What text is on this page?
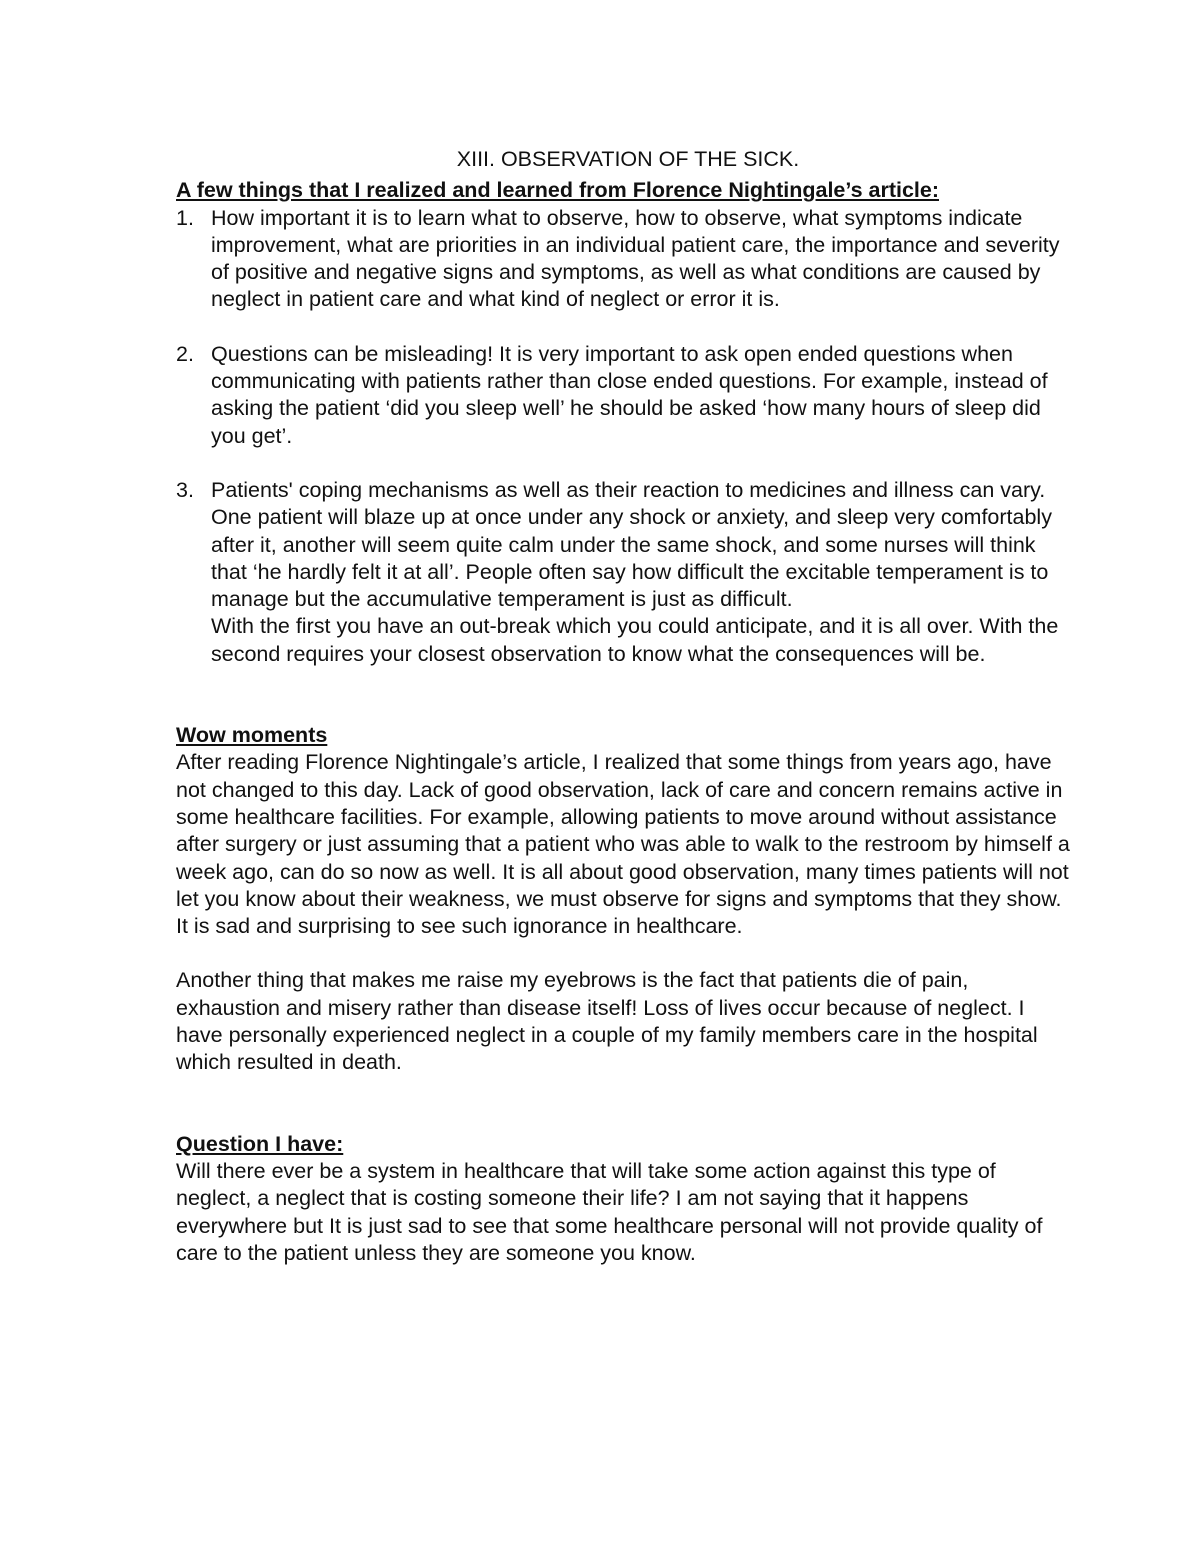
XIII. OBSERVATION OF THE SICK.

A few things that I realized and learned from Florence Nightingale’s article:

1. How important it is to learn what to observe, how to observe, what symptoms indicate improvement, what are priorities in an individual patient care, the importance and severity of positive and negative signs and symptoms, as well as what conditions are caused by neglect in patient care and what kind of neglect or error it is.

2. Questions can be misleading! It is very important to ask open ended questions when communicating with patients rather than close ended questions. For example, instead of asking the patient ‘did you sleep well’ he should be asked ‘how many hours of sleep did you get’.

3. Patients' coping mechanisms as well as their reaction to medicines and illness can vary.

One patient will blaze up at once under any shock or anxiety, and sleep very comfortably after it, another will seem quite calm under the same shock, and some nurses will think that ‘he hardly felt it at all’. People often say how difficult the excitable temperament is to manage but the accumulative temperament is just as difficult.

With the first you have an out-break which you could anticipate, and it is all over. With the second requires your closest observation to know what the consequences will be.

Wow moments

After reading Florence Nightingale’s article, I realized that some things from years ago, have not changed to this day. Lack of good observation, lack of care and concern remains active in some healthcare facilities. For example, allowing patients to move around without assistance after surgery or just assuming that a patient who was able to walk to the restroom by himself a week ago, can do so now as well. It is all about good observation, many times patients will not let you know about their weakness, we must observe for signs and symptoms that they show. It is sad and surprising to see such ignorance in healthcare.

Another thing that makes me raise my eyebrows is the fact that patients die of pain, exhaustion and misery rather than disease itself! Loss of lives occur because of neglect. I have personally experienced neglect in a couple of my family members care in the hospital which resulted in death.

Question I have:

Will there ever be a system in healthcare that will take some action against this type of neglect, a neglect that is costing someone their life? I am not saying that it happens everywhere but It is just sad to see that some healthcare personal will not provide quality of care to the patient unless they are someone you know.
